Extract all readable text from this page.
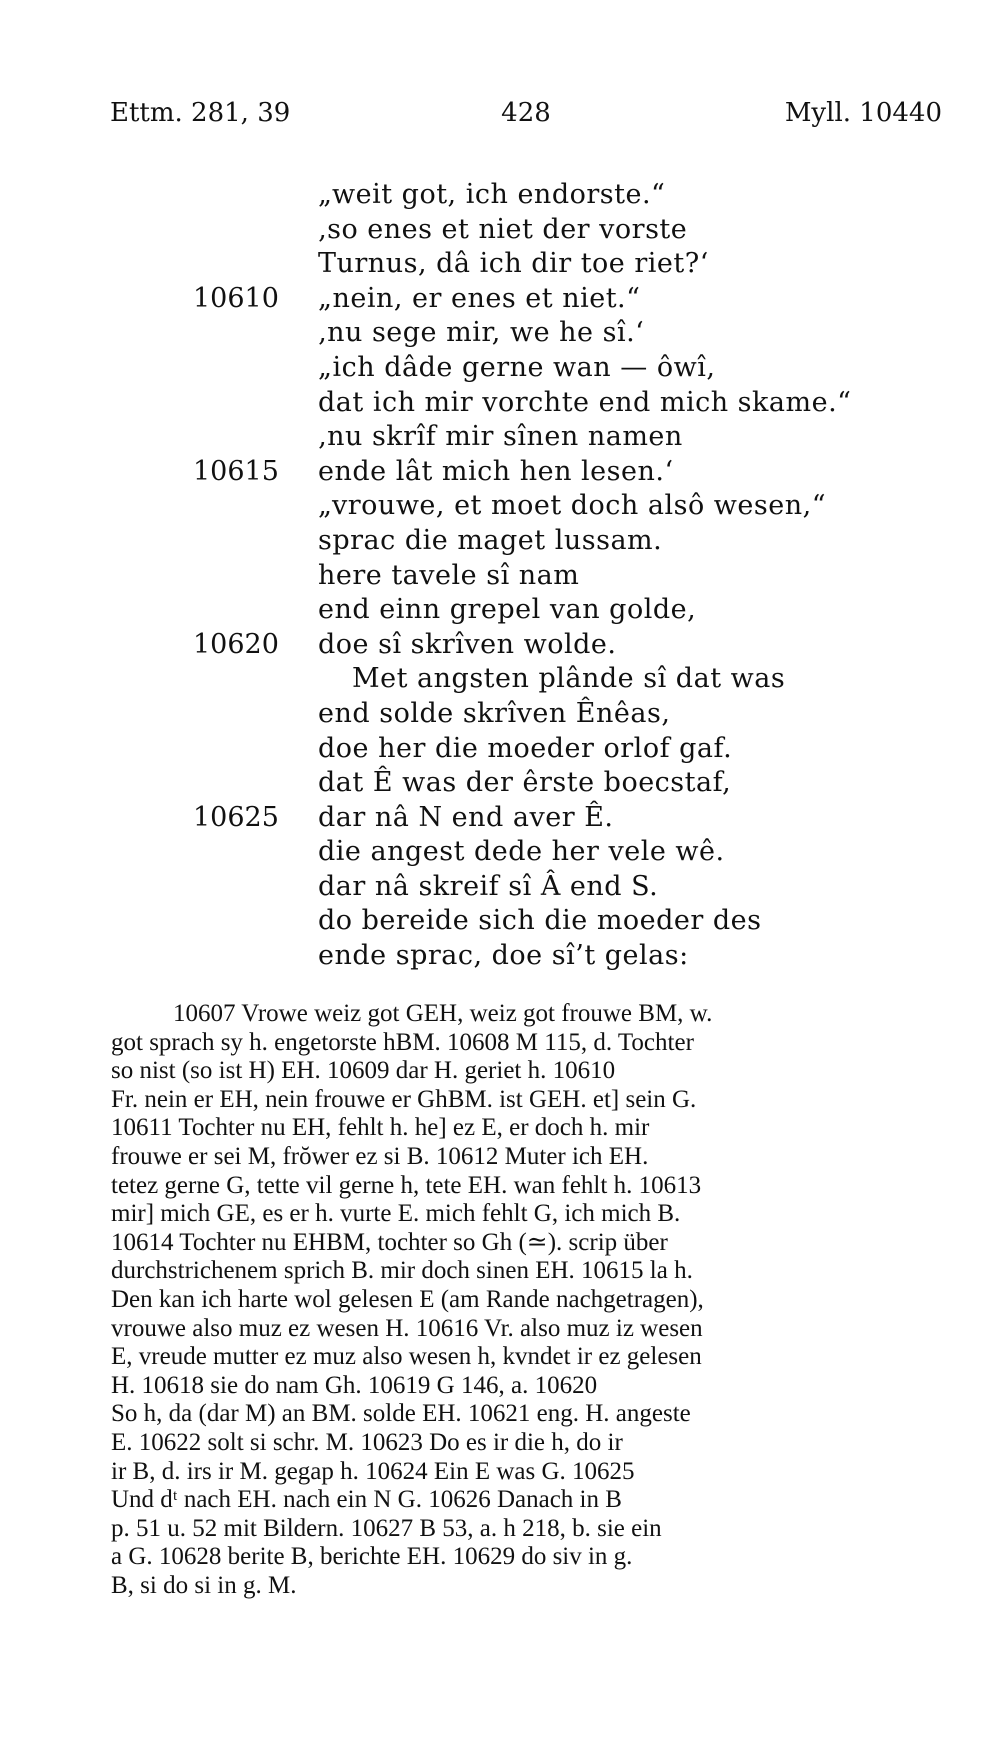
Ettm. 281, 39	428	Myll. 10440
„weit got, ich endorste.“
‚so enes et niet der vorste
Turnus, dâ ich dir toe riet?‘
10610 „nein, er enes et niet.“
‚nu sege mir, we he sî.‘
„ich dâde gerne wan — ôwî,
dat ich mir vorchte end mich skame.“
‚nu skrîf mir sînen namen
10615 ende lât mich hen lesen.‘
„vrouwe, et moet doch alsô wesen,“
sprac die maget lussam.
here tavele sî nam
end einn grepel van golde,
10620 doe sî skrîven wolde.
Met angsten plânde sî dat was
end solde skrîven Ênêas,
doe her die moeder orlof gaf.
dat Ê was der êrste boecstaf,
10625 dar nâ N end aver Ê.
die angest dede her vele wê.
dar nâ skreif sî Â end S.
do bereide sich die moeder des
ende sprac, doe sî’t gelas:
10607 Vrowe weiz got GEH, weiz got frouwe BM, w.
got sprach sy h. engetorste hBM. 10608 M 115, d. Tochter
so nist (so ist H) EH. 10609 dar H. geriet h. 10610
Fr. nein er EH, nein frouwe er GhBM. ist GEH. et] sein G.
10611 Tochter nu EH, fehlt h. he] ez E, er doch h. mir
frouwe er sei M, frŏwer ez si B. 10612 Muter ich EH.
tetez gerne G, tette vil gerne h, tete EH. wan fehlt h. 10613
mir] mich GE, es er h. vurte E. mich fehlt G, ich mich B.
10614 Tochter nu EHBM, tochter so Gh (≃). scrip über
durchstrichenem sprich B. mir doch sinen EH. 10615 la h.
Den kan ich harte wol gelesen E (am Rande nachgetragen),
vrouwe also muz ez wesen H. 10616 Vr. also muz iz wesen
E, vreude mutter ez muz also wesen h, kvndet ir ez gelesen
H. 10618 sie do nam Gh. 10619 G 146, a. 10620
So h, da (dar M) an BM. solde EH. 10621 eng. H. angeste
E. 10622 solt si schr. M. 10623 Do es ir die h, do ir
ir B, d. irs ir M. gegap h. 10624 Ein E was G. 10625
Und dᵗ nach EH. nach ein N G. 10626 Danach in B
p. 51 u. 52 mit Bildern. 10627 B 53, a. h 218, b. sie ein
a G. 10628 berite B, berichte EH. 10629 do siv in g.
B, si do si in g. M.
